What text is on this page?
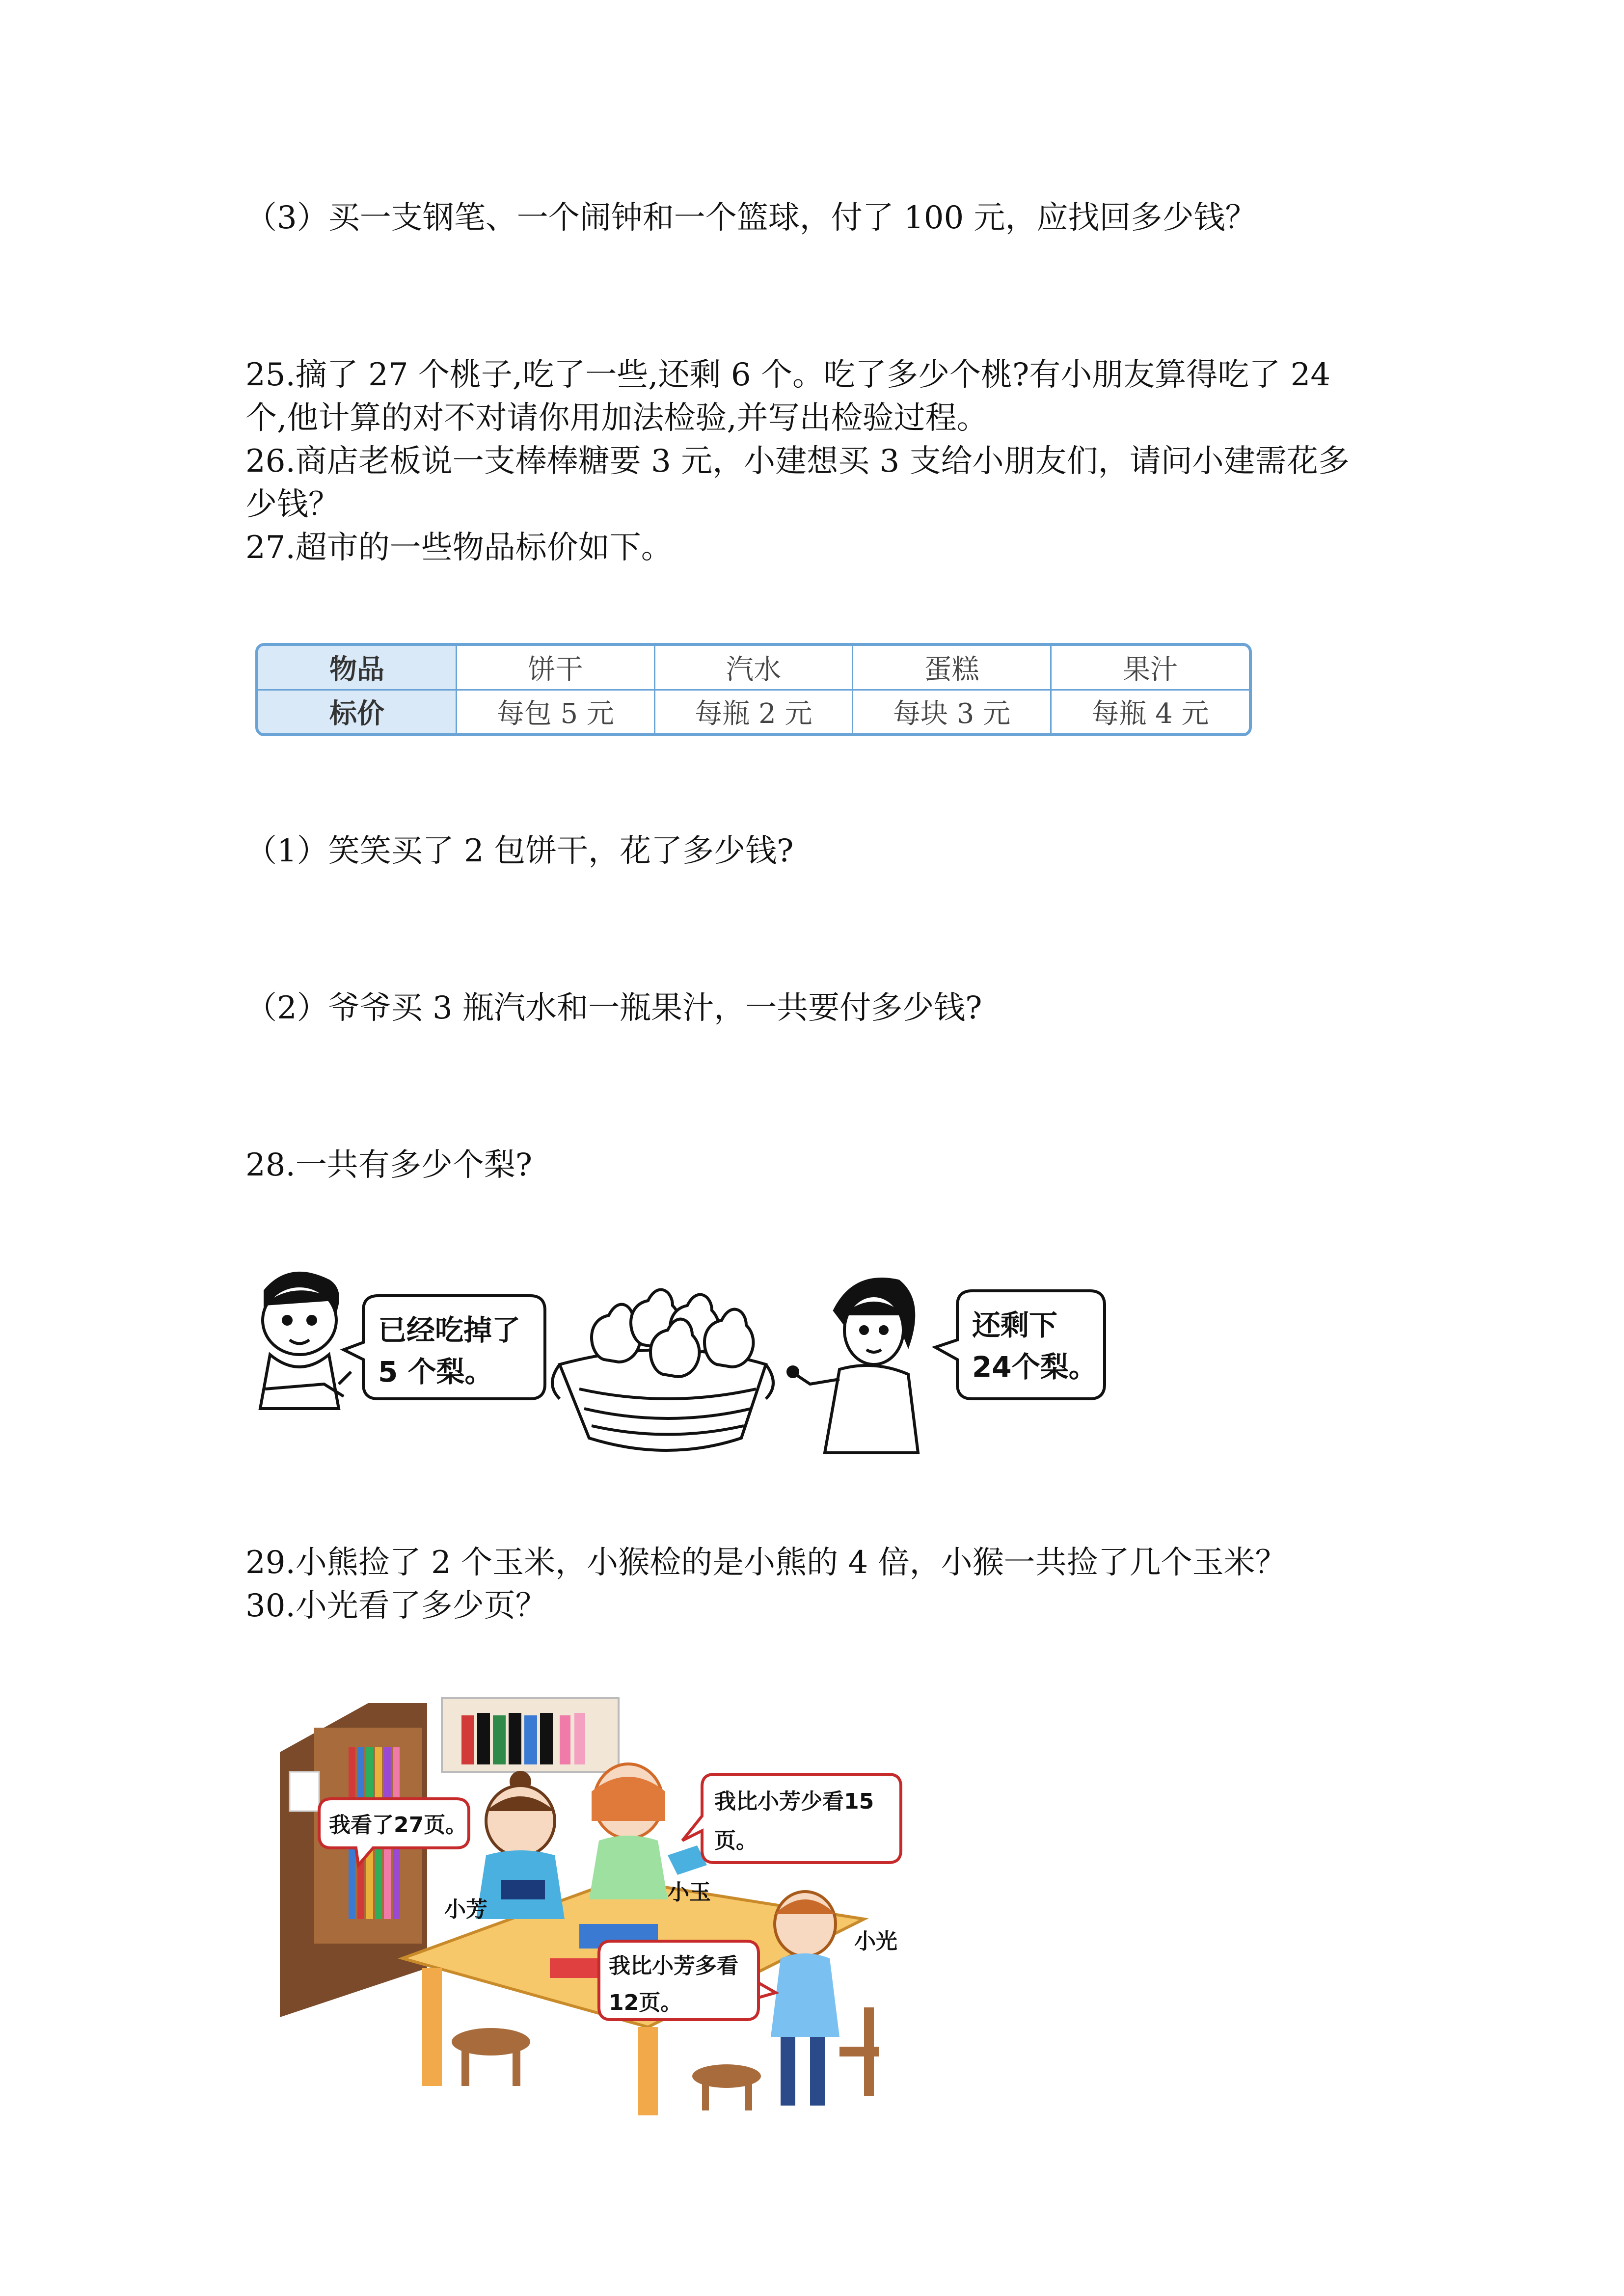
（3）买一支钢笔、一个闹钟和一个篮球，付了 100 元，应找回多少钱？
25.摘了 27 个桃子,吃了一些,还剩 6 个。吃了多少个桃?有小朋友算得吃了 24
个,他计算的对不对请你用加法检验,并写出检验过程。
26.商店老板说一支棒棒糖要 3 元，小建想买 3 支给小朋友们，请问小建需花多
少钱？
27.超市的一些物品标价如下。
物品	饼干	汽水	蛋糕	果汁
标价	每包 5 元	每瓶 2 元	每块 3 元	每瓶 4 元
（1）笑笑买了 2 包饼干，花了多少钱?
（2）爷爷买 3 瓶汽水和一瓶果汁，一共要付多少钱?
28.一共有多少个梨?
已经吃掉了
5 个梨。
还剩下
24个梨。
29.小熊捡了 2 个玉米，小猴检的是小熊的 4 倍，小猴一共捡了几个玉米？
30.小光看了多少页？
我看了27页。
我比小芳少看15
页。
我比小芳多看
12页。
小芳
小玉
小光
